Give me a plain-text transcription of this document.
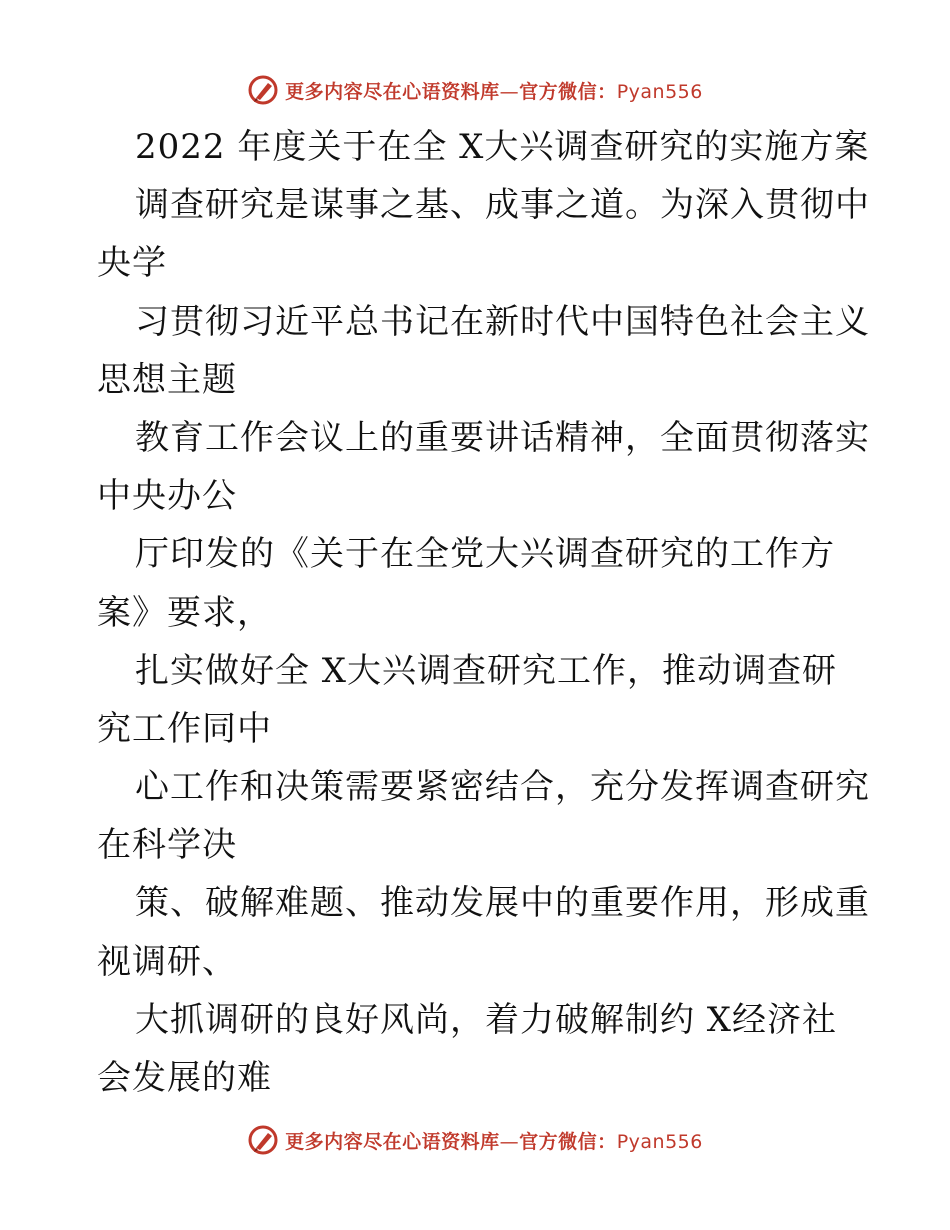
更多内容尽在心语资料库—官方微信：Pyan556
2022 年度关于在全 X大兴调查研究的实施方案
调查研究是谋事之基、成事之道。为深入贯彻中
央学
习贯彻习近平总书记在新时代中国特色社会主义
思想主题
教育工作会议上的重要讲话精神，全面贯彻落实
中央办公
厅印发的《关于在全党大兴调查研究的工作方
案》要求，
扎实做好全 X大兴调查研究工作，推动调查研
究工作同中
心工作和决策需要紧密结合，充分发挥调查研究
在科学决
策、破解难题、推动发展中的重要作用，形成重
视调研、
大抓调研的良好风尚，着力破解制约 X经济社
会发展的难
更多内容尽在心语资料库—官方微信：Pyan556
